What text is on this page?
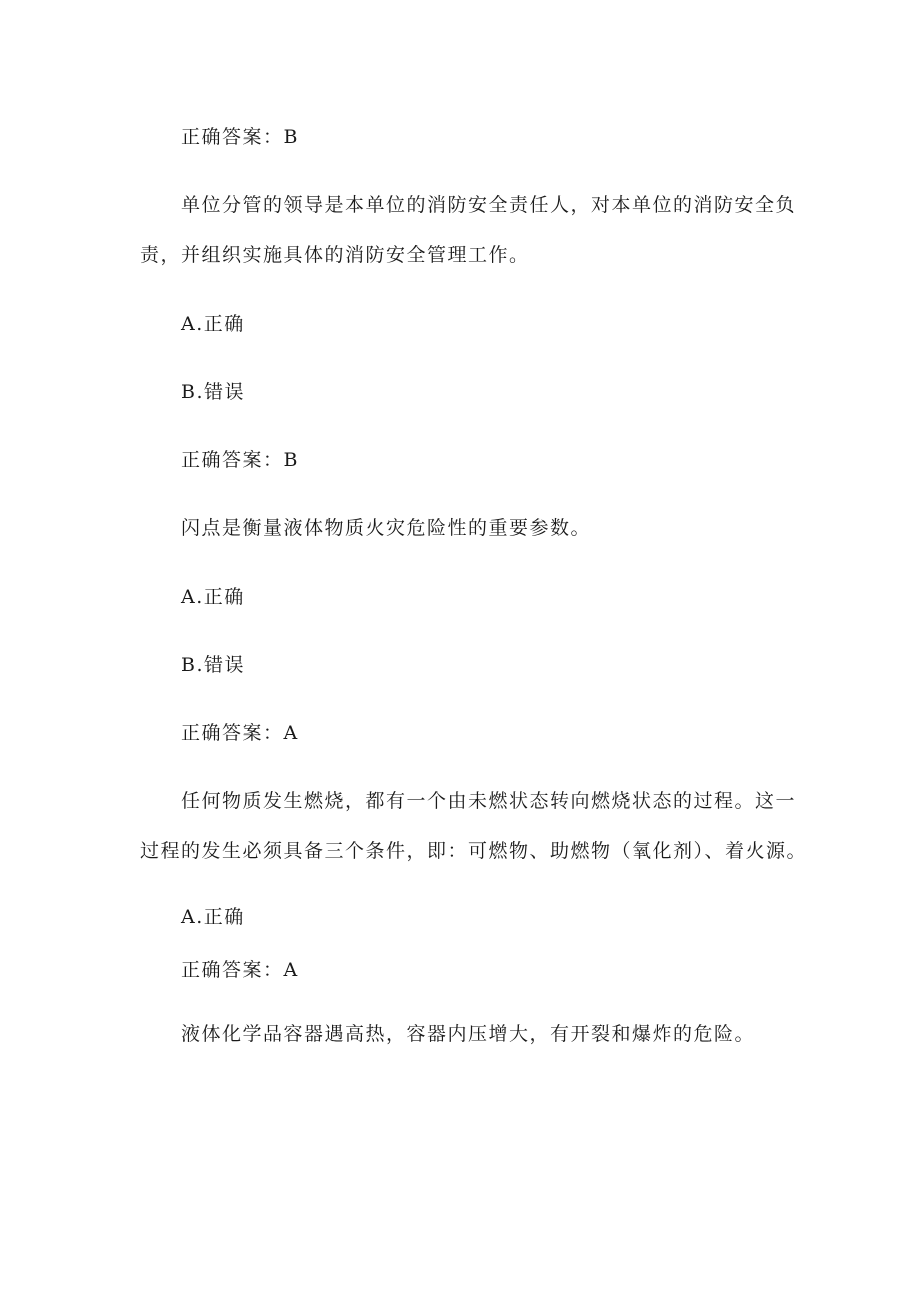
正确答案：B
单位分管的领导是本单位的消防安全责任人，对本单位的消防安全负
责，并组织实施具体的消防安全管理工作。
A.正确
B.错误
正确答案：B
闪点是衡量液体物质火灾危险性的重要参数。
A.正确
B.错误
正确答案：A
任何物质发生燃烧，都有一个由未燃状态转向燃烧状态的过程。这一
过程的发生必须具备三个条件，即：可燃物、助燃物（氧化剂）、着火源。
A.正确
正确答案：A
液体化学品容器遇高热，容器内压增大，有开裂和爆炸的危险。
